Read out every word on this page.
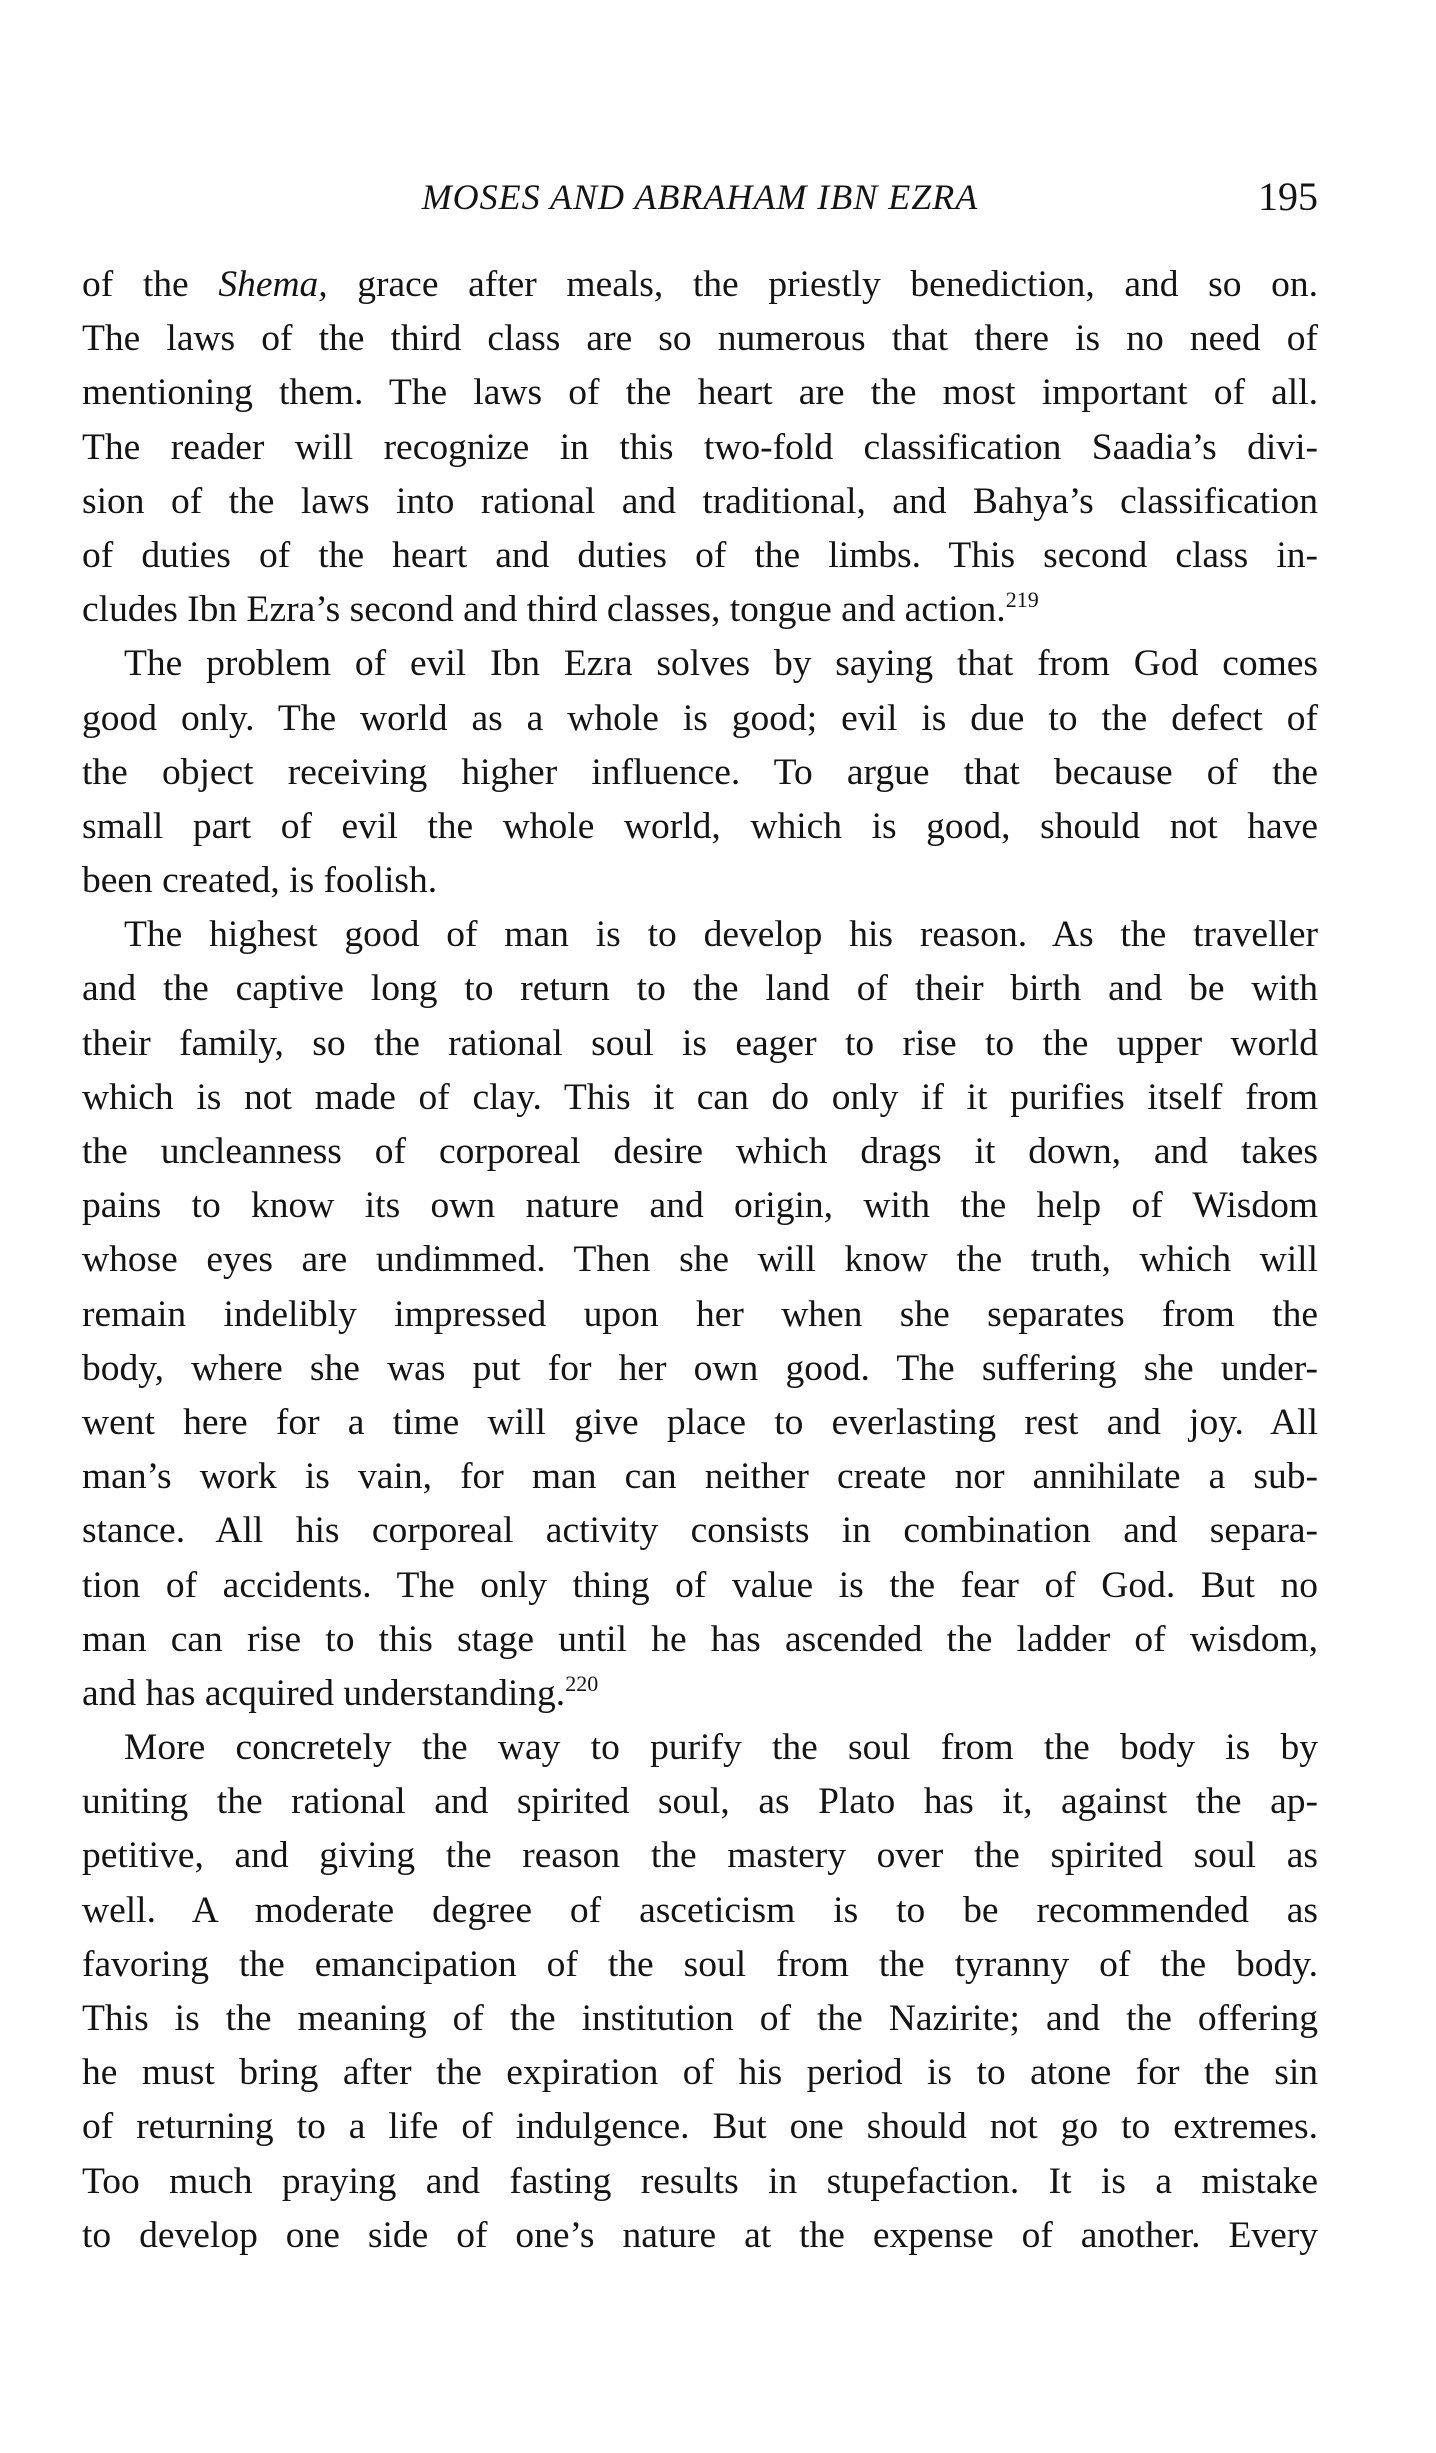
MOSES AND ABRAHAM IBN EZRA	195
of the Shema, grace after meals, the priestly benediction, and so on.
The laws of the third class are so numerous that there is no need of
mentioning them. The laws of the heart are the most important of all.
The reader will recognize in this two-fold classification Saadia’s divi-
sion of the laws into rational and traditional, and Bahya’s classification
of duties of the heart and duties of the limbs. This second class in-
cludes Ibn Ezra’s second and third classes, tongue and action.$^{219}$
The problem of evil Ibn Ezra solves by saying that from God comes
good only. The world as a whole is good; evil is due to the defect of
the object receiving higher influence. To argue that because of the
small part of evil the whole world, which is good, should not have
been created, is foolish.
The highest good of man is to develop his reason. As the traveller
and the captive long to return to the land of their birth and be with
their family, so the rational soul is eager to rise to the upper world
which is not made of clay. This it can do only if it purifies itself from
the uncleanness of corporeal desire which drags it down, and takes
pains to know its own nature and origin, with the help of Wisdom
whose eyes are undimmed. Then she will know the truth, which will
remain indelibly impressed upon her when she separates from the
body, where she was put for her own good. The suffering she under-
went here for a time will give place to everlasting rest and joy. All
man’s work is vain, for man can neither create nor annihilate a sub-
stance. All his corporeal activity consists in combination and separa-
tion of accidents. The only thing of value is the fear of God. But no
man can rise to this stage until he has ascended the ladder of wisdom,
and has acquired understanding.$^{220}$
More concretely the way to purify the soul from the body is by
uniting the rational and spirited soul, as Plato has it, against the ap-
petitive, and giving the reason the mastery over the spirited soul as
well. A moderate degree of asceticism is to be recommended as
favoring the emancipation of the soul from the tyranny of the body.
This is the meaning of the institution of the Nazirite; and the offering
he must bring after the expiration of his period is to atone for the sin
of returning to a life of indulgence. But one should not go to extremes.
Too much praying and fasting results in stupefaction. It is a mistake
to develop one side of one’s nature at the expense of another. Every
